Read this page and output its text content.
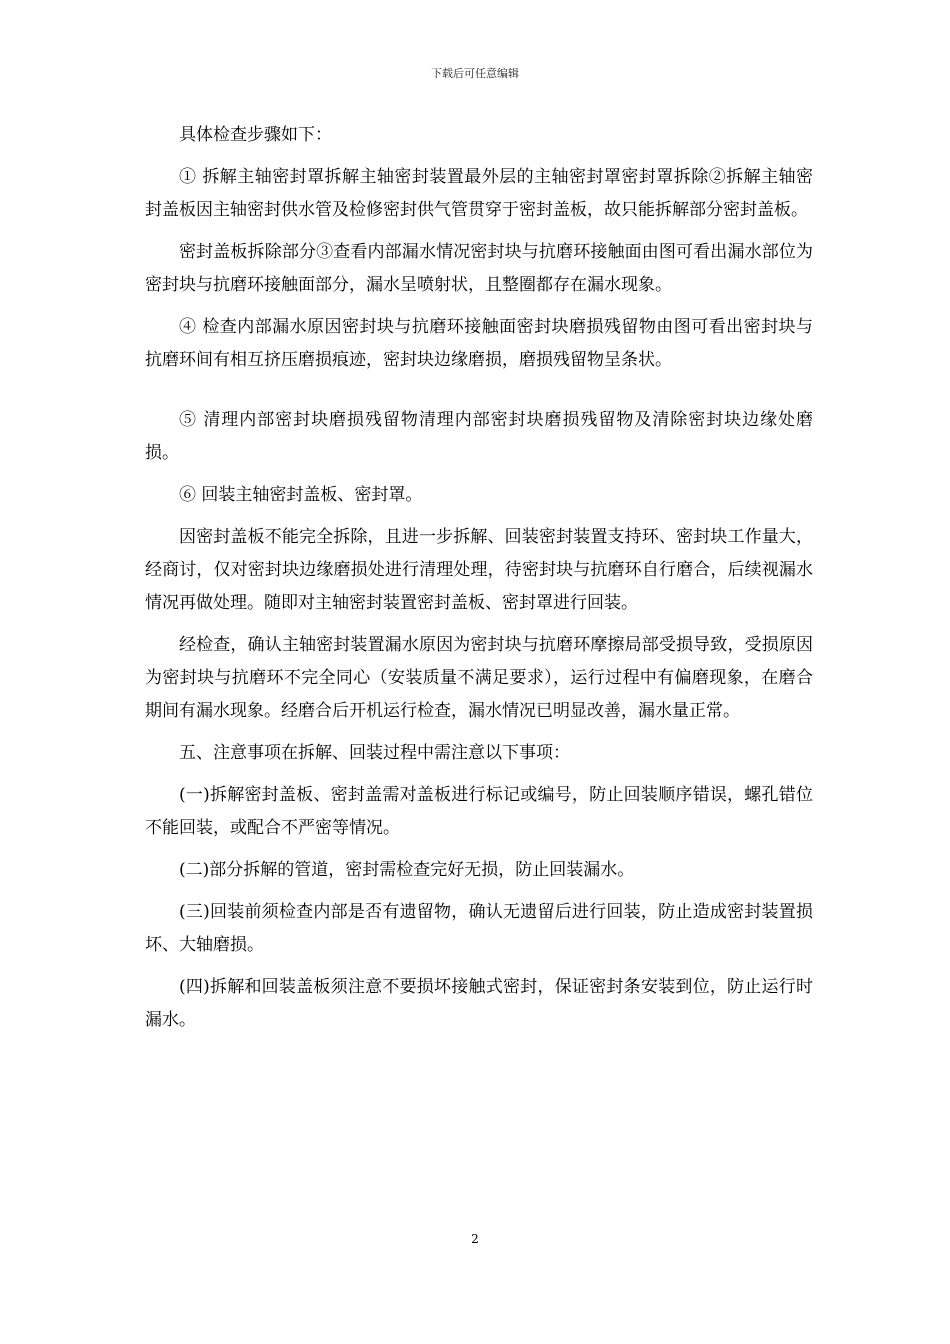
下载后可任意编辑

具体检查步骤如下：

① 拆解主轴密封罩拆解主轴密封装置最外层的主轴密封罩密封罩拆除②拆解主轴密封盖板因主轴密封供水管及检修密封供气管贯穿于密封盖板，故只能拆解部分密封盖板。

密封盖板拆除部分③查看内部漏水情况密封块与抗磨环接触面由图可看出漏水部位为密封块与抗磨环接触面部分，漏水呈喷射状，且整圈都存在漏水现象。

④ 检查内部漏水原因密封块与抗磨环接触面密封块磨损残留物由图可看出密封块与抗磨环间有相互挤压磨损痕迹，密封块边缘磨损，磨损残留物呈条状。

⑤ 清理内部密封块磨损残留物清理内部密封块磨损残留物及清除密封块边缘处磨损。

⑥ 回装主轴密封盖板、密封罩。

因密封盖板不能完全拆除，且进一步拆解、回装密封装置支持环、密封块工作量大，经商讨，仅对密封块边缘磨损处进行清理处理，待密封块与抗磨环自行磨合，后续视漏水情况再做处理。随即对主轴密封装置密封盖板、密封罩进行回装。

经检查，确认主轴密封装置漏水原因为密封块与抗磨环摩擦局部受损导致，受损原因为密封块与抗磨环不完全同心（安装质量不满足要求），运行过程中有偏磨现象，在磨合期间有漏水现象。经磨合后开机运行检查，漏水情况已明显改善，漏水量正常。

五、注意事项在拆解、回装过程中需注意以下事项：

(一)拆解密封盖板、密封盖需对盖板进行标记或编号，防止回装顺序错误，螺孔错位不能回装，或配合不严密等情况。

(二)部分拆解的管道，密封需检查完好无损，防止回装漏水。

(三)回装前须检查内部是否有遗留物，确认无遗留后进行回装，防止造成密封装置损坏、大轴磨损。

(四)拆解和回装盖板须注意不要损坏接触式密封，保证密封条安装到位，防止运行时漏水。

2
